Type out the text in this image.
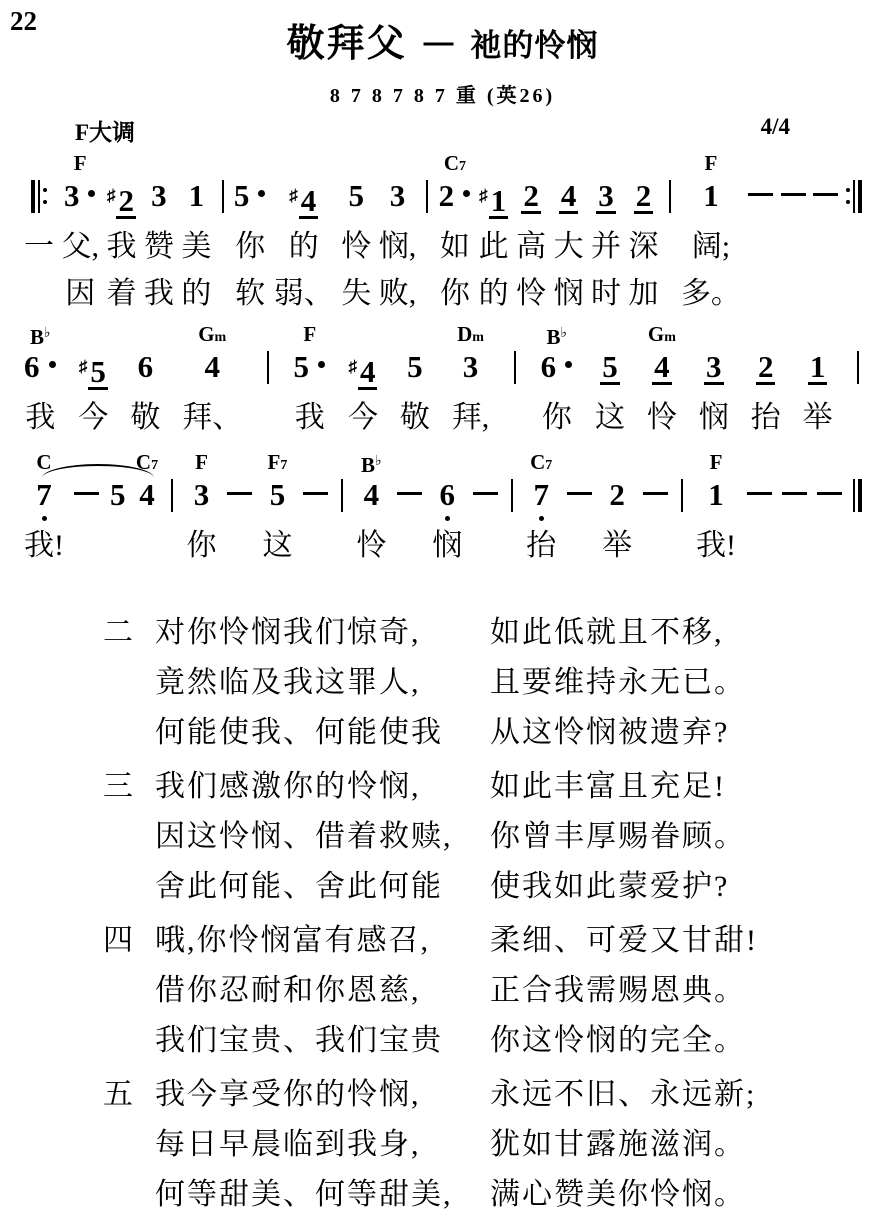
22
敬拜父 — 祂的怜悯
8 7 8 7 8 7 重 (英26)
F大调	4/4
一

F
3
父,
因
♯2
我
着
3
赞
我
1
美
的

5
你
软
♯4
的
弱、
5
怜
失
3
悯,
败,

C7
2
如
你
♯1
此
的
2
高
怜
4
大
悯
3
并
时
2
深
加

F
1
阔;
多。

B♭
6
我
♯5
今
6
敬
Gm
4
拜、

F
5
我
♯4
今
5
敬
Dm
3
拜,

B♭
6
你
5
这
Gm
4
怜
3
悯
2
抬
1
举

C
7
我!

5

C7
4

F
3
你

F7
5
这

B♭
4
怜

6
悯

C7
7
抬

2
举

F
1
我!

二 对你怜悯我们惊奇,
竟然临及我这罪人,
何能使我、何能使我
如此低就且不移,
且要维持永无已。
从这怜悯被遗弃?
三 我们感激你的怜悯,
因这怜悯、借着救赎,
舍此何能、舍此何能
如此丰富且充足!
你曾丰厚赐眷顾。
使我如此蒙爱护?
四 哦,你怜悯富有感召,
借你忍耐和你恩慈,
我们宝贵、我们宝贵
柔细、可爱又甘甜!
正合我需赐恩典。
你这怜悯的完全。
五 我今享受你的怜悯,
每日早晨临到我身,
何等甜美、何等甜美,
永远不旧、永远新;
犹如甘露施滋润。
满心赞美你怜悯。
